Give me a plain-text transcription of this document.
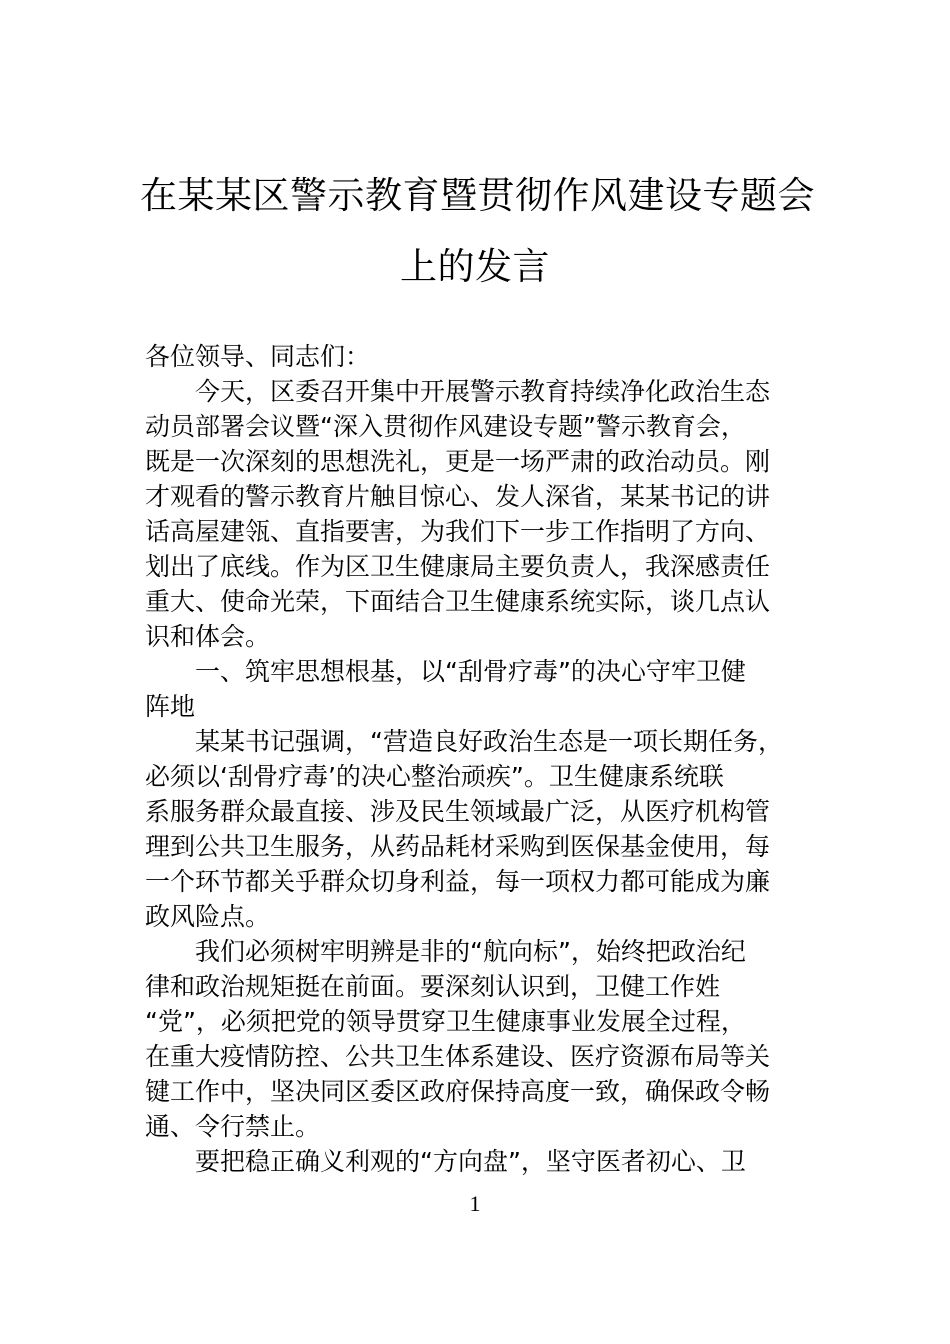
在某某区警示教育暨贯彻作风建设专题会
上的发言
各位领导、同志们：
今天，区委召开集中开展警示教育持续净化政治生态
动员部署会议暨“深入贯彻作风建设专题”警示教育会，
既是一次深刻的思想洗礼，更是一场严肃的政治动员。刚
才观看的警示教育片触目惊心、发人深省，某某书记的讲
话高屋建瓴、直指要害，为我们下一步工作指明了方向、
划出了底线。作为区卫生健康局主要负责人，我深感责任
重大、使命光荣，下面结合卫生健康系统实际，谈几点认
识和体会。
一、筑牢思想根基，以“刮骨疗毒”的决心守牢卫健
阵地
某某书记强调，“营造良好政治生态是一项长期任务，
必须以‘刮骨疗毒’的决心整治顽疾”。卫生健康系统联
系服务群众最直接、涉及民生领域最广泛，从医疗机构管
理到公共卫生服务，从药品耗材采购到医保基金使用，每
一个环节都关乎群众切身利益，每一项权力都可能成为廉
政风险点。
我们必须树牢明辨是非的“航向标”，始终把政治纪
律和政治规矩挺在前面。要深刻认识到，卫健工作姓
“党”，必须把党的领导贯穿卫生健康事业发展全过程，
在重大疫情防控、公共卫生体系建设、医疗资源布局等关
键工作中，坚决同区委区政府保持高度一致，确保政令畅
通、令行禁止。
要把稳正确义利观的“方向盘”，坚守医者初心、卫
1
